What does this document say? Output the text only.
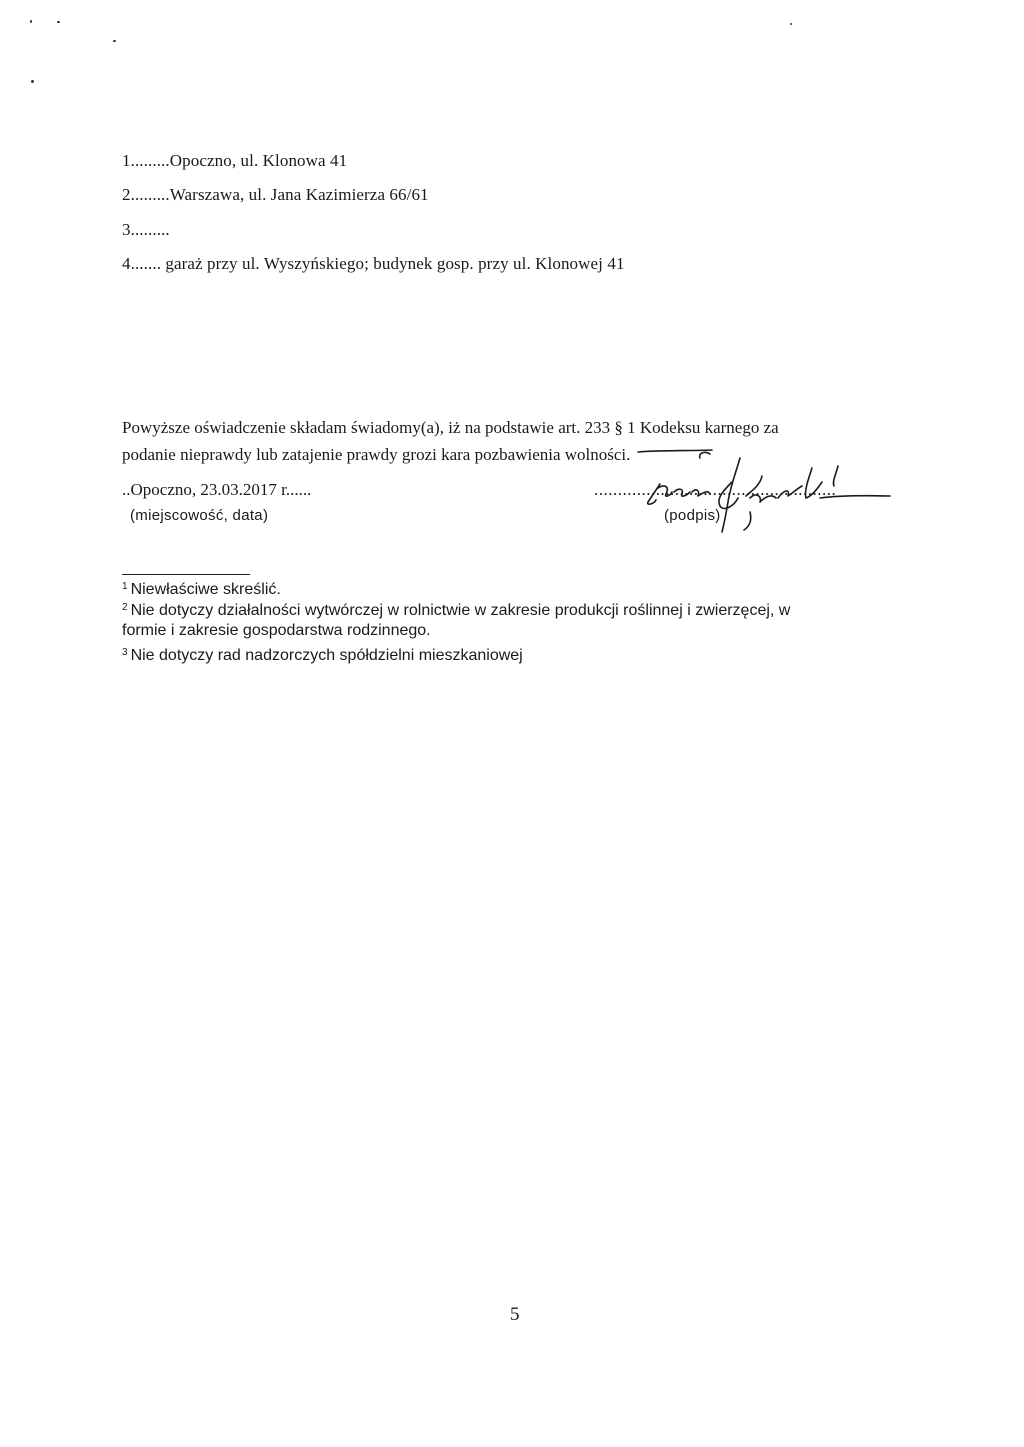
1.........Opoczno, ul. Klonowa 41
2.........Warszawa, ul. Jana Kazimierza 66/61
3.........
4....... garaż przy ul. Wyszyńskiego; budynek gosp. przy ul. Klonowej 41
Powyższe oświadczenie składam świadomy(a), iż na podstawie art. 233 § 1 Kodeksu karnego za
podanie nieprawdy lub zatajenie prawdy grozi kara pozbawienia wolności.
..Opoczno, 23.03.2017 r......	...................................................
(miejscowość, data)	(podpis)
$^1$ Niewłaściwe skreślić.
$^2$ Nie dotyczy działalności wytwórczej w rolnictwie w zakresie produkcji roślinnej i zwierzęcej, w
formie i zakresie gospodarstwa rodzinnego.
$^3$ Nie dotyczy rad nadzorczych spółdzielni mieszkaniowej
5
